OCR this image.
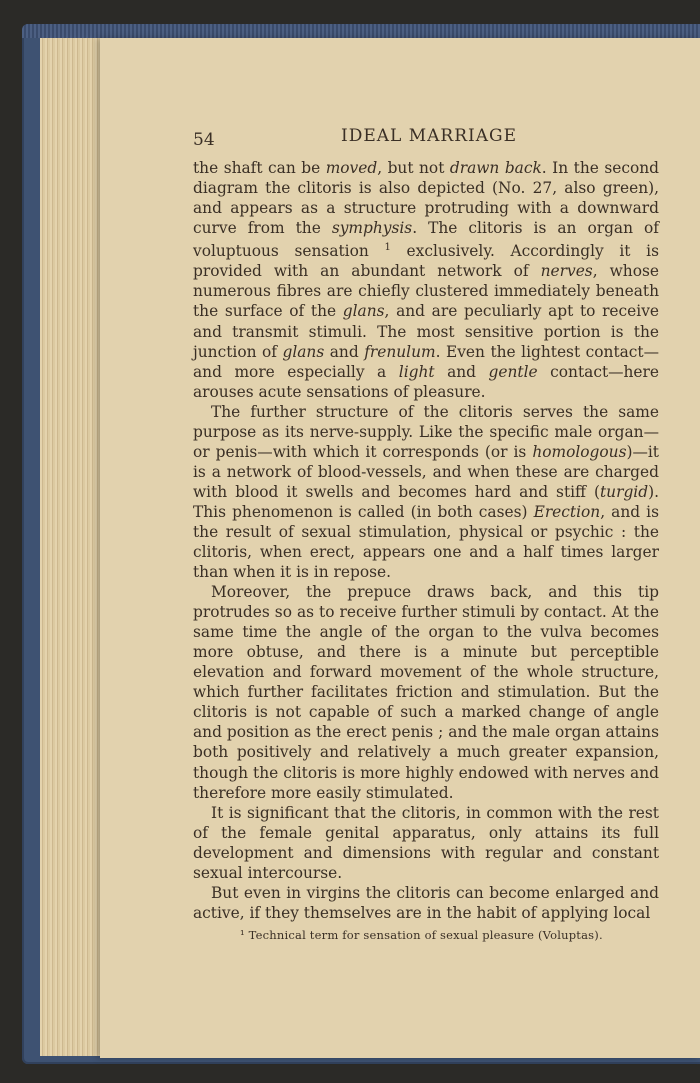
54	IDEAL MARRIAGE

the shaft can be moved, but not drawn back. In the second diagram the clitoris is also depicted (No. 27, also green), and appears as a structure protruding with a downward curve from the symphysis. The clitoris is an organ of voluptuous sensation $^1$ exclusively. Accordingly it is provided with an abundant network of nerves, whose numerous fibres are chiefly clustered immediately beneath the surface of the glans, and are peculiarly apt to receive and transmit stimuli. The most sensitive portion is the junction of glans and frenulum. Even the lightest contact—and more especially a light and gentle contact—here arouses acute sensations of pleasure.

The further structure of the clitoris serves the same purpose as its nerve-supply. Like the specific male organ—or penis—with which it corresponds (or is homologous)—it is a network of blood-vessels, and when these are charged with blood it swells and becomes hard and stiff (turgid). This phenomenon is called (in both cases) Erection, and is the result of sexual stimulation, physical or psychic : the clitoris, when erect, appears one and a half times larger than when it is in repose.

Moreover, the prepuce draws back, and this tip protrudes so as to receive further stimuli by contact. At the same time the angle of the organ to the vulva becomes more obtuse, and there is a minute but perceptible elevation and forward movement of the whole structure, which further facilitates friction and stimulation. But the clitoris is not capable of such a marked change of angle and position as the erect penis ; and the male organ attains both positively and relatively a much greater expansion, though the clitoris is more highly endowed with nerves and therefore more easily stimulated.

It is significant that the clitoris, in common with the rest of the female genital apparatus, only attains its full development and dimensions with regular and constant sexual intercourse.

But even in virgins the clitoris can become enlarged and active, if they themselves are in the habit of applying local

¹ Technical term for sensation of sexual pleasure (Voluptas).
